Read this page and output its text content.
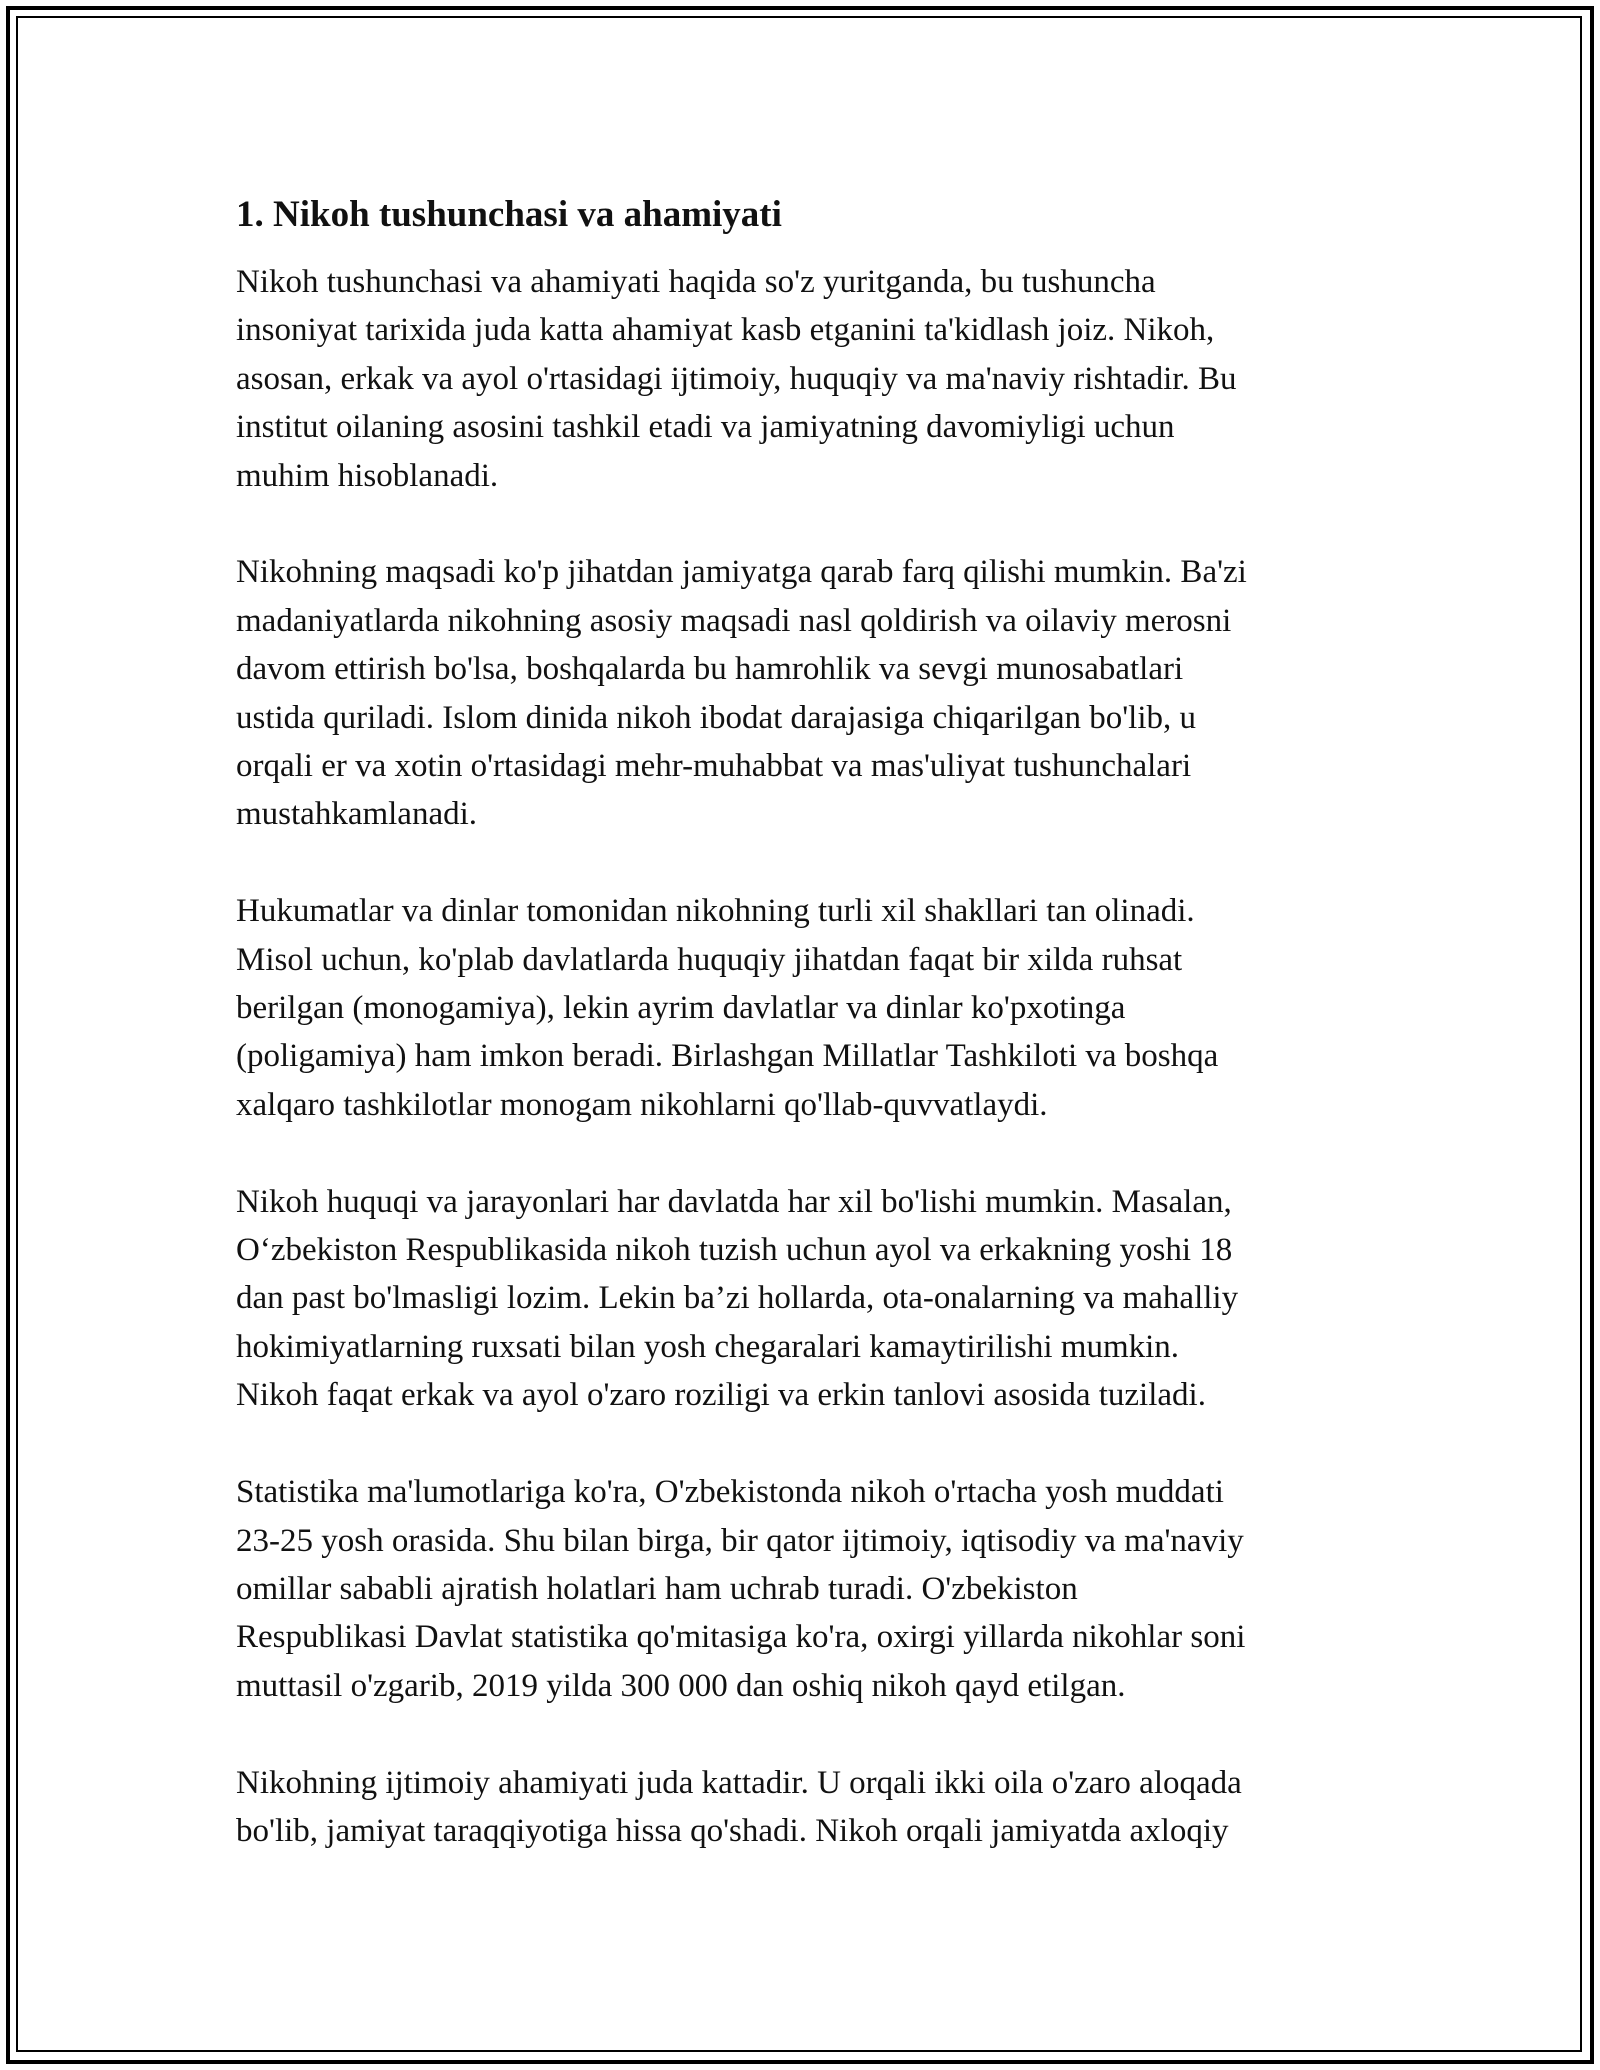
1. Nikoh tushunchasi va ahamiyati

Nikoh tushunchasi va ahamiyati haqida so'z yuritganda, bu tushuncha
insoniyat tarixida juda katta ahamiyat kasb etganini ta'kidlash joiz. Nikoh,
asosan, erkak va ayol o'rtasidagi ijtimoiy, huquqiy va ma'naviy rishtadir. Bu
institut oilaning asosini tashkil etadi va jamiyatning davomiyligi uchun
muhim hisoblanadi.

Nikohning maqsadi ko'p jihatdan jamiyatga qarab farq qilishi mumkin. Ba'zi
madaniyatlarda nikohning asosiy maqsadi nasl qoldirish va oilaviy merosni
davom ettirish bo'lsa, boshqalarda bu hamrohlik va sevgi munosabatlari
ustida quriladi. Islom dinida nikoh ibodat darajasiga chiqarilgan bo'lib, u
orqali er va xotin o'rtasidagi mehr-muhabbat va mas'uliyat tushunchalari
mustahkamlanadi.

Hukumatlar va dinlar tomonidan nikohning turli xil shakllari tan olinadi.
Misol uchun, ko'plab davlatlarda huquqiy jihatdan faqat bir xilda ruhsat
berilgan (monogamiya), lekin ayrim davlatlar va dinlar ko'pxotinga
(poligamiya) ham imkon beradi. Birlashgan Millatlar Tashkiloti va boshqa
xalqaro tashkilotlar monogam nikohlarni qo'llab-quvvatlaydi.

Nikoh huquqi va jarayonlari har davlatda har xil bo'lishi mumkin. Masalan,
O‘zbekiston Respublikasida nikoh tuzish uchun ayol va erkakning yoshi 18
dan past bo'lmasligi lozim. Lekin ba’zi hollarda, ota-onalarning va mahalliy
hokimiyatlarning ruxsati bilan yosh chegaralari kamaytirilishi mumkin.
Nikoh faqat erkak va ayol o'zaro roziligi va erkin tanlovi asosida tuziladi.

Statistika ma'lumotlariga ko'ra, O'zbekistonda nikoh o'rtacha yosh muddati
23-25 yosh orasida. Shu bilan birga, bir qator ijtimoiy, iqtisodiy va ma'naviy
omillar sababli ajratish holatlari ham uchrab turadi. O'zbekiston
Respublikasi Davlat statistika qo'mitasiga ko'ra, oxirgi yillarda nikohlar soni
muttasil o'zgarib, 2019 yilda 300 000 dan oshiq nikoh qayd etilgan.

Nikohning ijtimoiy ahamiyati juda kattadir. U orqali ikki oila o'zaro aloqada
bo'lib, jamiyat taraqqiyotiga hissa qo'shadi. Nikoh orqali jamiyatda axloqiy
